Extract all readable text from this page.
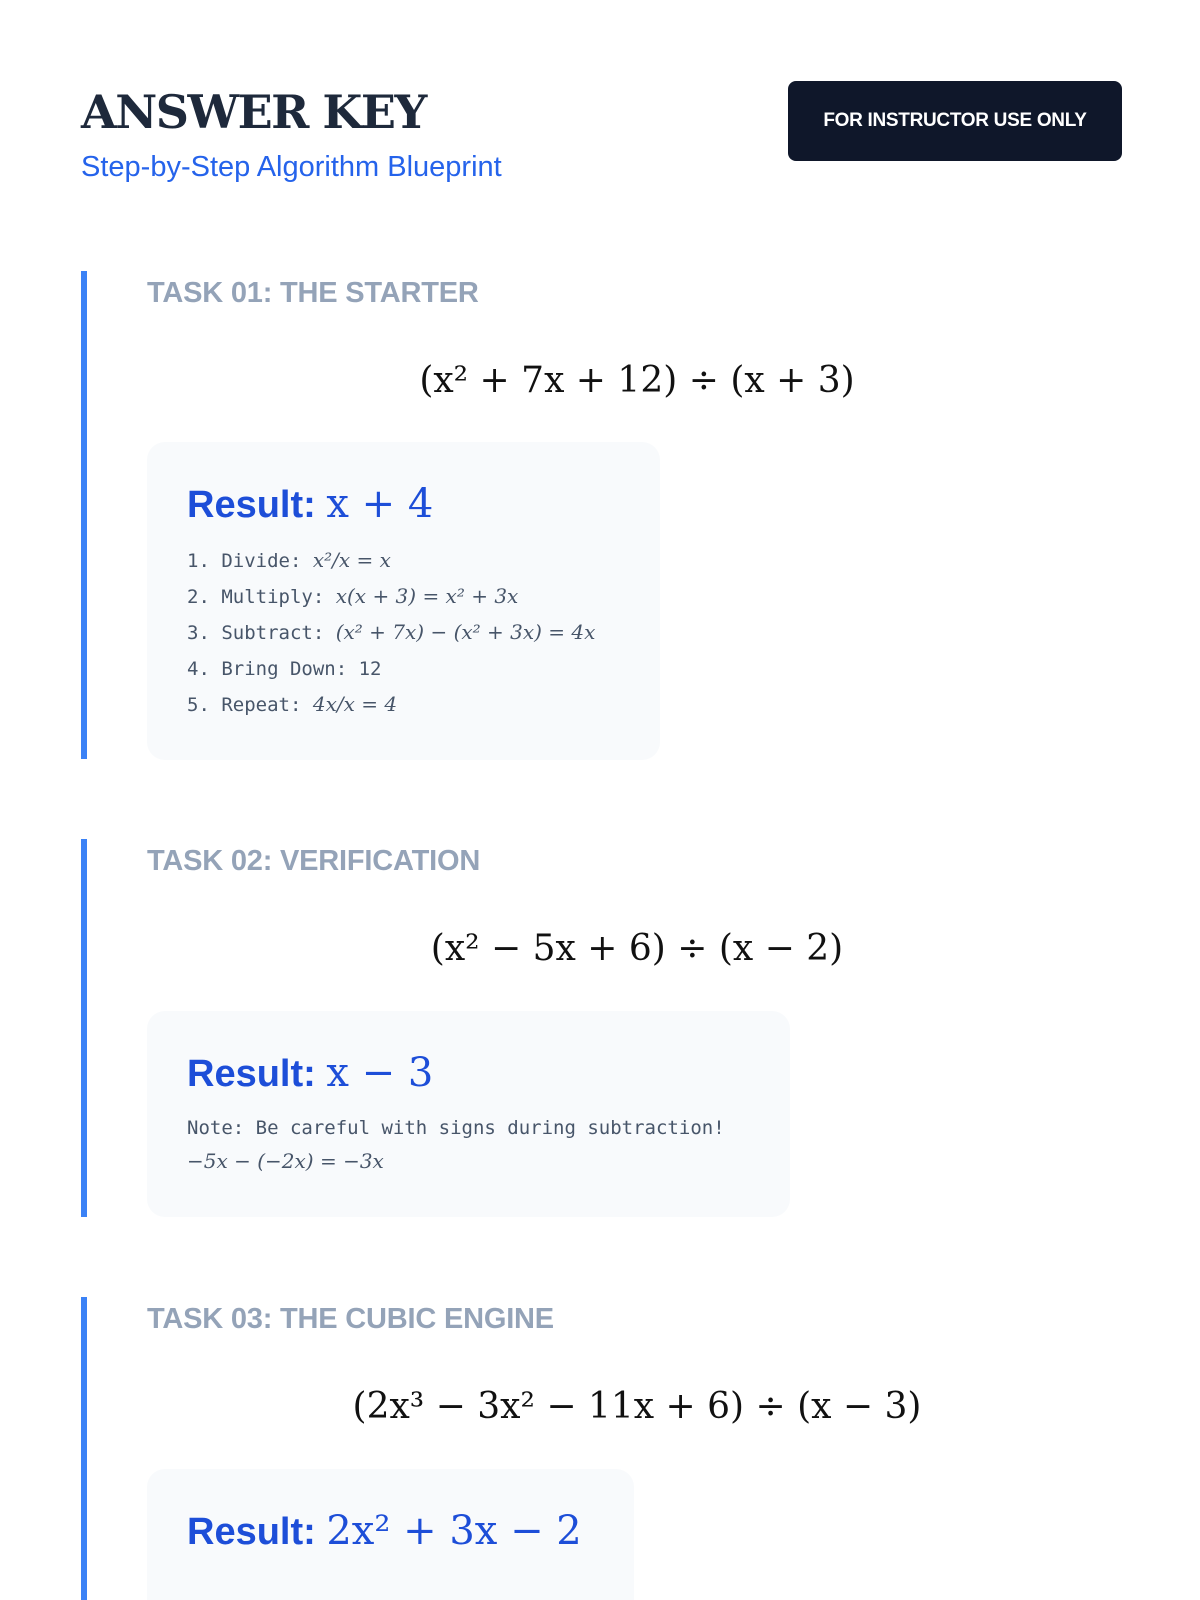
ANSWER KEY

Step-by-Step Algorithm Blueprint

FOR INSTRUCTOR USE ONLY
TASK 01: THE STARTER
(x² + 7x + 12) ÷ (x + 3)
Result: x + 4

1. Divide: x²/x = x

2. Multiply: x(x + 3) = x² + 3x

3. Subtract: (x² + 7x) − (x² + 3x) = 4x

4. Bring Down: 12

5. Repeat: 4x/x = 4

TASK 02: VERIFICATION
(x² − 5x + 6) ÷ (x − 2)
Result: x − 3

Note: Be careful with signs during subtraction!

−5x − (−2x) = −3x

TASK 03: THE CUBIC ENGINE
(2x³ − 3x² − 11x + 6) ÷ (x − 3)
Result: 2x² + 3x − 2
